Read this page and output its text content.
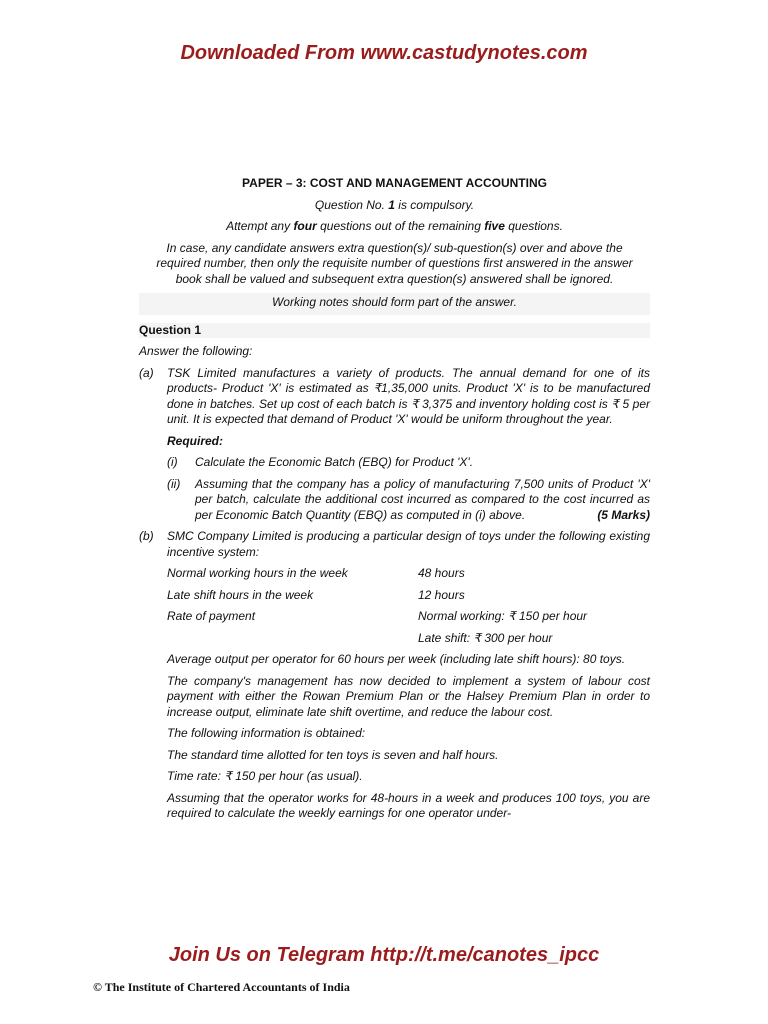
Downloaded From www.castudynotes.com

PAPER – 3: COST AND MANAGEMENT ACCOUNTING

Question No. 1 is compulsory.

Attempt any four questions out of the remaining five questions.

In case, any candidate answers extra question(s)/ sub-question(s) over and above the required number, then only the requisite number of questions first answered in the answer book shall be valued and subsequent extra question(s) answered shall be ignored.

Working notes should form part of the answer.

Question 1

Answer the following:

(a) TSK Limited manufactures a variety of products. The annual demand for one of its products- Product 'X' is estimated as ₹1,35,000 units. Product 'X' is to be manufactured done in batches. Set up cost of each batch is ₹ 3,375 and inventory holding cost is ₹ 5 per unit. It is expected that demand of Product 'X' would be uniform throughout the year.

Required:

(i) Calculate the Economic Batch (EBQ) for Product 'X'.
(ii) Assuming that the company has a policy of manufacturing 7,500 units of Product 'X' per batch, calculate the additional cost incurred as compared to the cost incurred as per Economic Batch Quantity (EBQ) as computed in (i) above.	(5 Marks)
(b) SMC Company Limited is producing a particular design of toys under the following existing incentive system:
Normal working hours in the week	48 hours
Late shift hours in the week	12 hours
Rate of payment	Normal working: ₹ 150 per hour
Late shift: ₹ 300 per hour

Average output per operator for 60 hours per week (including late shift hours): 80 toys.

The company's management has now decided to implement a system of labour cost payment with either the Rowan Premium Plan or the Halsey Premium Plan in order to increase output, eliminate late shift overtime, and reduce the labour cost.

The following information is obtained:

The standard time allotted for ten toys is seven and half hours.

Time rate: ₹ 150 per hour (as usual).

Assuming that the operator works for 48-hours in a week and produces 100 toys, you are required to calculate the weekly earnings for one operator under-

Join Us on Telegram http://t.me/canotes_ipcc
© The Institute of Chartered Accountants of India
